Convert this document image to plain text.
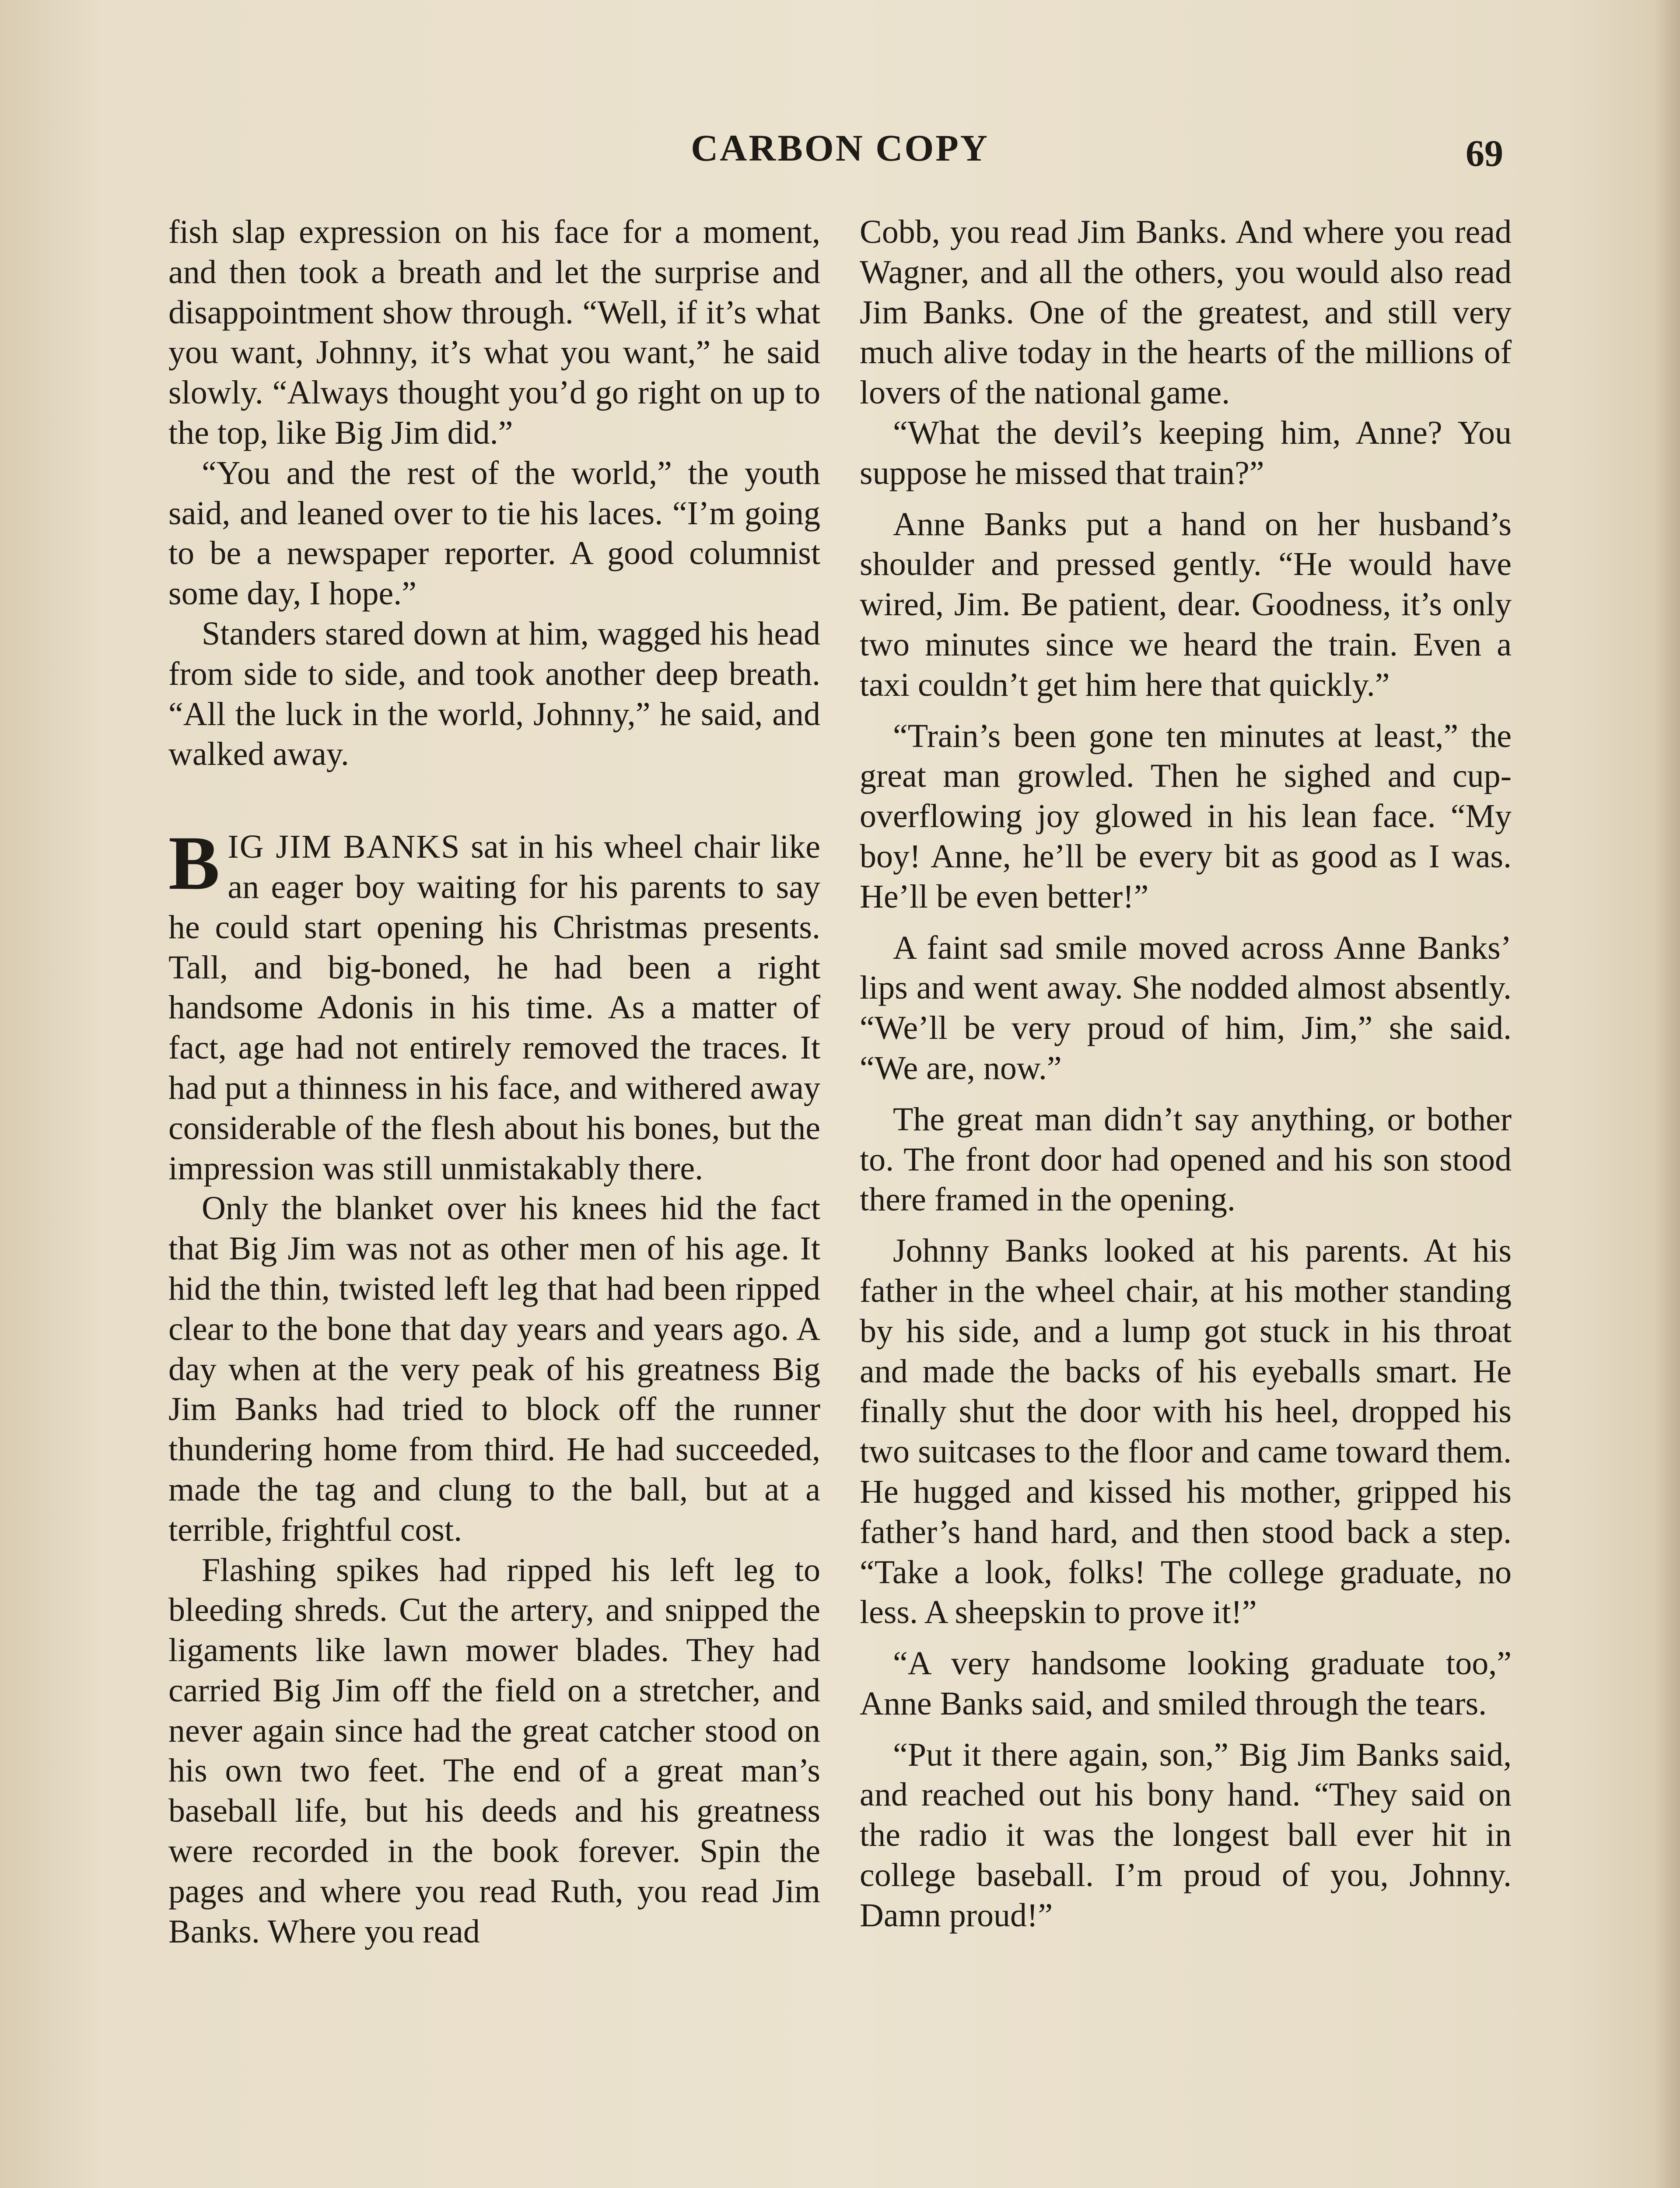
CARBON COPY	69

fish slap expression on his face for a moment, and then took a breath and let the surprise and disappointment show through. “Well, if it’s what you want, Johnny, it’s what you want,” he said slowly. “Always thought you’d go right on up to the top, like Big Jim did.”

“You and the rest of the world,” the youth said, and leaned over to tie his laces. “I’m going to be a newspaper reporter. A good columnist some day, I hope.”

Standers stared down at him, wagged his head from side to side, and took another deep breath. “All the luck in the world, Johnny,” he said, and walked away.

BIG JIM BANKS sat in his wheel chair like an eager boy waiting for his parents to say he could start opening his Christmas presents. Tall, and big-boned, he had been a right handsome Adonis in his time. As a matter of fact, age had not entirely removed the traces. It had put a thinness in his face, and withered away considerable of the flesh about his bones, but the impression was still unmistakably there.

Only the blanket over his knees hid the fact that Big Jim was not as other men of his age. It hid the thin, twisted left leg that had been ripped clear to the bone that day years and years ago. A day when at the very peak of his greatness Big Jim Banks had tried to block off the runner thundering home from third. He had succeeded, made the tag and clung to the ball, but at a terrible, frightful cost.

Flashing spikes had ripped his left leg to bleeding shreds. Cut the artery, and snipped the ligaments like lawn mower blades. They had carried Big Jim off the field on a stretcher, and never again since had the great catcher stood on his own two feet. The end of a great man’s baseball life, but his deeds and his greatness were recorded in the book forever. Spin the pages and where you read Ruth, you read Jim Banks. Where you read

Cobb, you read Jim Banks. And where you read Wagner, and all the others, you would also read Jim Banks. One of the greatest, and still very much alive today in the hearts of the millions of lovers of the national game.

“What the devil’s keeping him, Anne? You suppose he missed that train?”

Anne Banks put a hand on her husband’s shoulder and pressed gently. “He would have wired, Jim. Be patient, dear. Goodness, it’s only two minutes since we heard the train. Even a taxi couldn’t get him here that quickly.”

“Train’s been gone ten minutes at least,” the great man growled. Then he sighed and cup-overflowing joy glowed in his lean face. “My boy! Anne, he’ll be every bit as good as I was. He’ll be even better!”

A faint sad smile moved across Anne Banks’ lips and went away. She nodded almost absently. “We’ll be very proud of him, Jim,” she said. “We are, now.”

The great man didn’t say anything, or bother to. The front door had opened and his son stood there framed in the opening.

Johnny Banks looked at his parents. At his father in the wheel chair, at his mother standing by his side, and a lump got stuck in his throat and made the backs of his eyeballs smart. He finally shut the door with his heel, dropped his two suitcases to the floor and came toward them. He hugged and kissed his mother, gripped his father’s hand hard, and then stood back a step. “Take a look, folks! The college graduate, no less. A sheepskin to prove it!”

“A very handsome looking graduate too,” Anne Banks said, and smiled through the tears.

“Put it there again, son,” Big Jim Banks said, and reached out his bony hand. “They said on the radio it was the longest ball ever hit in college baseball. I’m proud of you, Johnny. Damn proud!”
